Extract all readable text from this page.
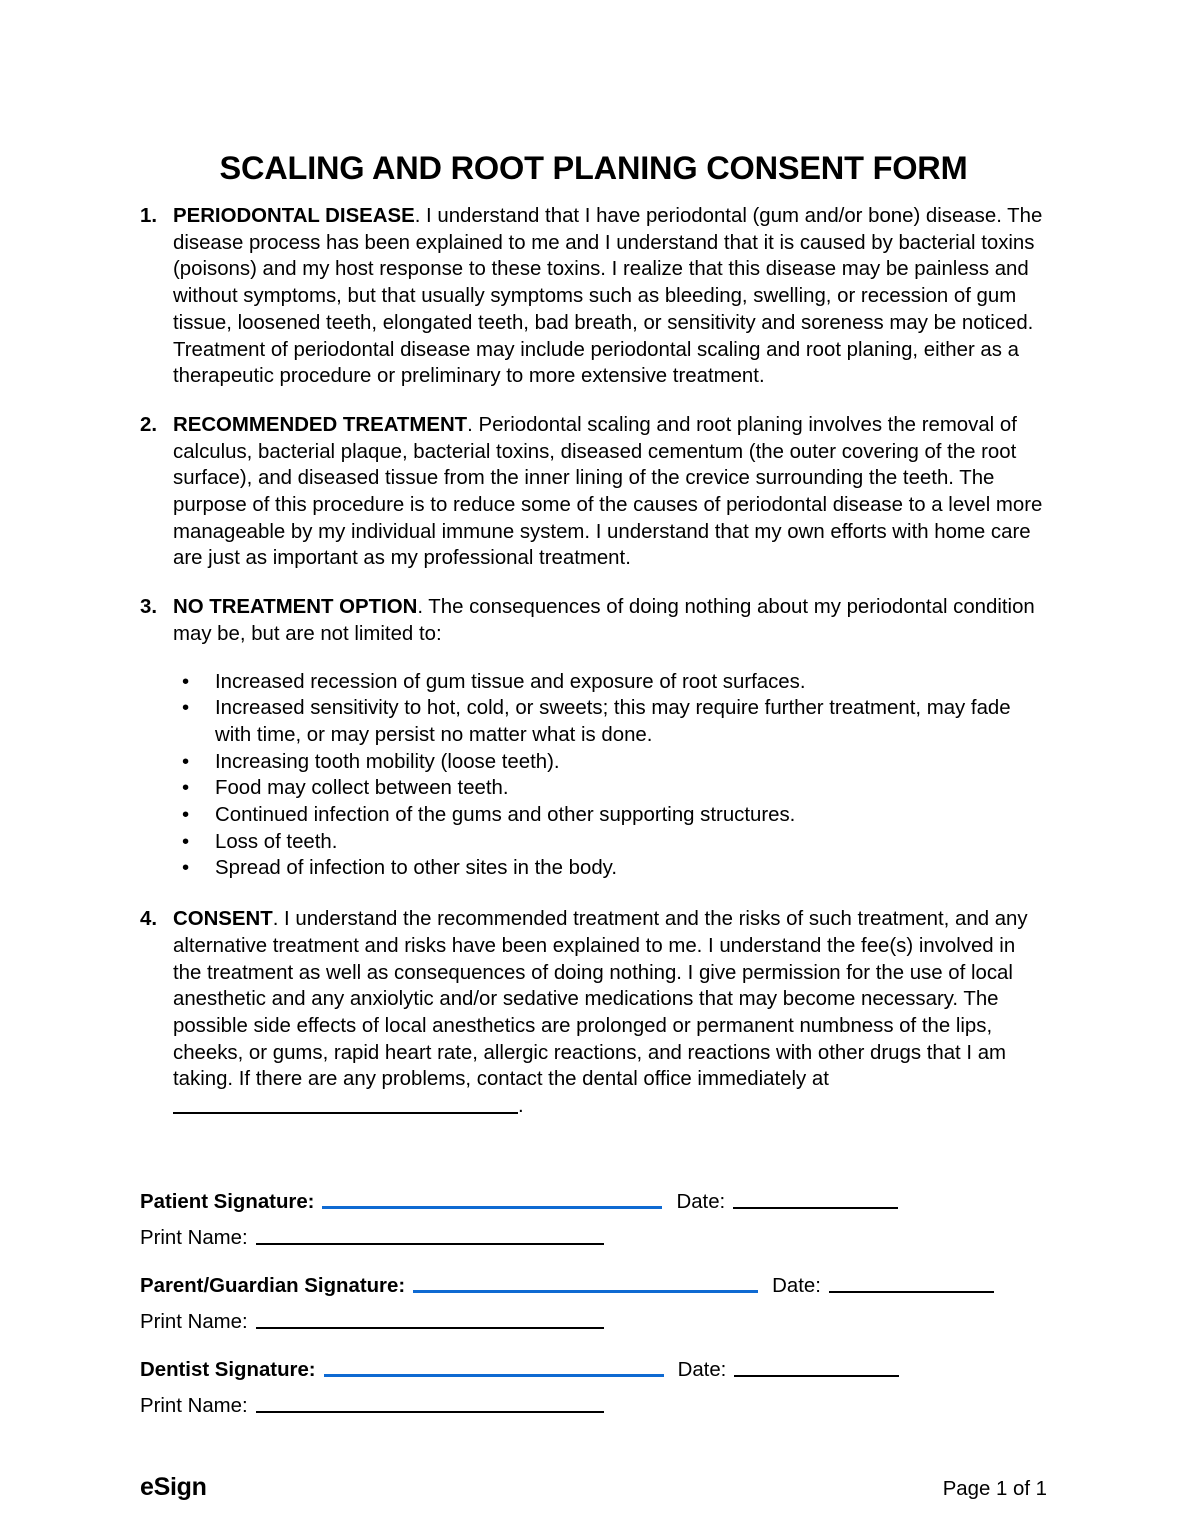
SCALING AND ROOT PLANING CONSENT FORM
1. PERIODONTAL DISEASE. I understand that I have periodontal (gum and/or bone) disease. The disease process has been explained to me and I understand that it is caused by bacterial toxins (poisons) and my host response to these toxins. I realize that this disease may be painless and without symptoms, but that usually symptoms such as bleeding, swelling, or recession of gum tissue, loosened teeth, elongated teeth, bad breath, or sensitivity and soreness may be noticed. Treatment of periodontal disease may include periodontal scaling and root planing, either as a therapeutic procedure or preliminary to more extensive treatment.
2. RECOMMENDED TREATMENT. Periodontal scaling and root planing involves the removal of calculus, bacterial plaque, bacterial toxins, diseased cementum (the outer covering of the root surface), and diseased tissue from the inner lining of the crevice surrounding the teeth. The purpose of this procedure is to reduce some of the causes of periodontal disease to a level more manageable by my individual immune system. I understand that my own efforts with home care are just as important as my professional treatment.
3. NO TREATMENT OPTION. The consequences of doing nothing about my periodontal condition may be, but are not limited to:
• Increased recession of gum tissue and exposure of root surfaces.
• Increased sensitivity to hot, cold, or sweets; this may require further treatment, may fade with time, or may persist no matter what is done.
• Increasing tooth mobility (loose teeth).
• Food may collect between teeth.
• Continued infection of the gums and other supporting structures.
• Loss of teeth.
• Spread of infection to other sites in the body.
4. CONSENT. I understand the recommended treatment and the risks of such treatment, and any alternative treatment and risks have been explained to me. I understand the fee(s) involved in the treatment as well as consequences of doing nothing. I give permission for the use of local anesthetic and any anxiolytic and/or sedative medications that may become necessary. The possible side effects of local anesthetics are prolonged or permanent numbness of the lips, cheeks, or gums, rapid heart rate, allergic reactions, and reactions with other drugs that I am taking. If there are any problems, contact the dental office immediately at .
Patient Signature:	Date:
Print Name:
Parent/Guardian Signature:	Date:
Print Name:
Dentist Signature:	Date:
Print Name:
eSign	Page 1 of 1
